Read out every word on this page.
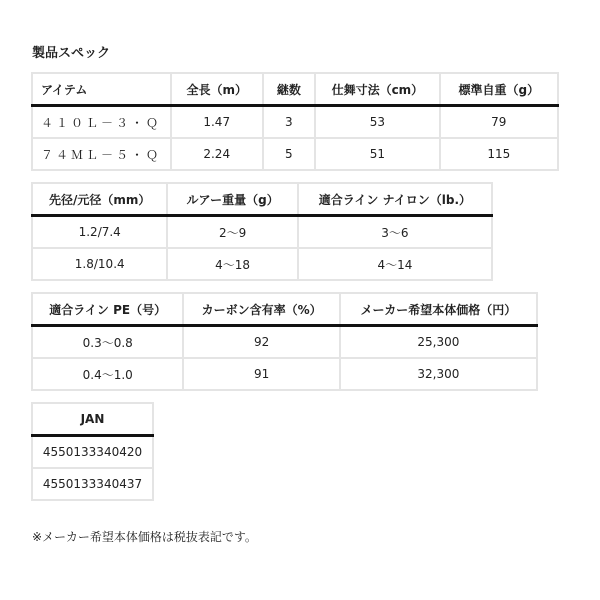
製品スペック
アイテム	全長（m）	継数	仕舞寸法（cm）	標準自重（g）
４１０Ｌ－３・Ｑ	1.47	3	53	79
７４ＭＬ－５・Ｑ	2.24	5	51	115
先径/元径（mm）	ルアー重量（g）	適合ライン ナイロン（lb.）
1.2/7.4	2〜9	3〜6
1.8/10.4	4〜18	4〜14
適合ライン PE（号）	カーボン含有率（%）	メーカー希望本体価格（円）
0.3〜0.8	92	25,300
0.4〜1.0	91	32,300
JAN
4550133340420
4550133340437
※メーカー希望本体価格は税抜表記です。
